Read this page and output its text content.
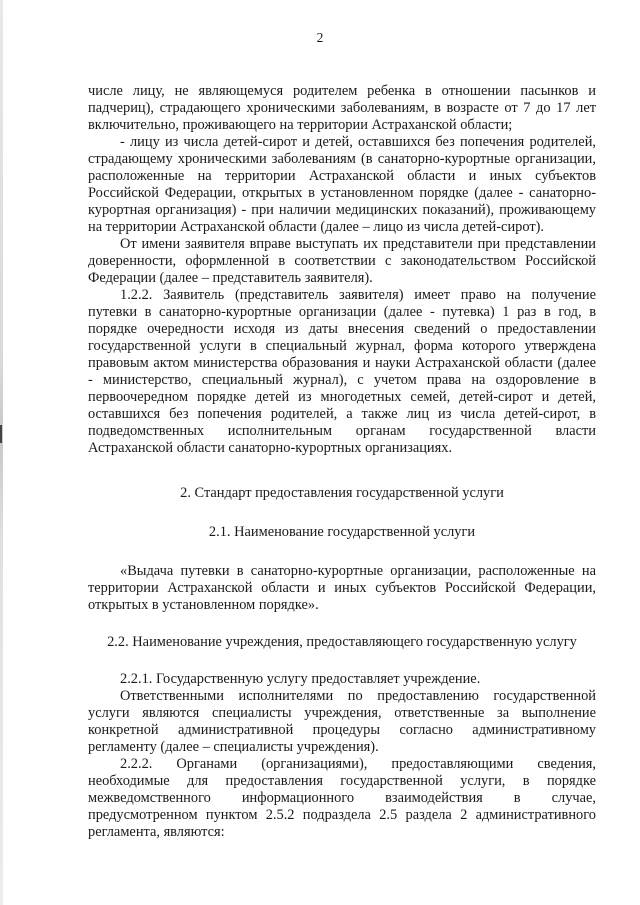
2

числе лицу, не являющемуся родителем ребенка в отношении пасынков и падчериц), страдающего хроническими заболеваниям, в возрасте от 7 до 17 лет включительно, проживающего на территории Астраханской области;

- лицу из числа детей-сирот и детей, оставшихся без попечения родителей, страдающему хроническими заболеваниям (в санаторно-курортные организации, расположенные на территории Астраханской области и иных субъектов Российской Федерации, открытых в установленном порядке (далее - санаторно-курортная организация) - при наличии медицинских показаний), проживающему на территории Астраханской области (далее – лицо из числа детей-сирот).

От имени заявителя вправе выступать их представители при представлении доверенности, оформленной в соответствии с законодательством Российской Федерации (далее – представитель заявителя).

1.2.2. Заявитель (представитель заявителя) имеет право на получение путевки в санаторно-курортные организации (далее - путевка) 1 раз в год, в порядке очередности исходя из даты внесения сведений о предоставлении государственной услуги в специальный журнал, форма которого утверждена правовым актом министерства образования и науки Астраханской области (далее - министерство, специальный журнал), с учетом права на оздоровление в первоочередном порядке детей из многодетных семей, детей-сирот и детей, оставшихся без попечения родителей, а также лиц из числа детей-сирот, в подведомственных исполнительным органам государственной власти Астраханской области санаторно-курортных организациях.

2. Стандарт предоставления государственной услуги

2.1. Наименование государственной услуги

«Выдача путевки в санаторно-курортные организации, расположенные на территории Астраханской области и иных субъектов Российской Федерации, открытых в установленном порядке».

2.2. Наименование учреждения, предоставляющего государственную услугу

2.2.1. Государственную услугу предоставляет учреждение.

Ответственными исполнителями по предоставлению государственной услуги являются специалисты учреждения, ответственные за выполнение конкретной административной процедуры согласно административному регламенту (далее – специалисты учреждения).

2.2.2. Органами (организациями), предоставляющими сведения, необходимые для предоставления государственной услуги, в порядке межведомственного информационного взаимодействия в случае, предусмотренном пунктом 2.5.2 подраздела 2.5 раздела 2 административного регламента, являются:
